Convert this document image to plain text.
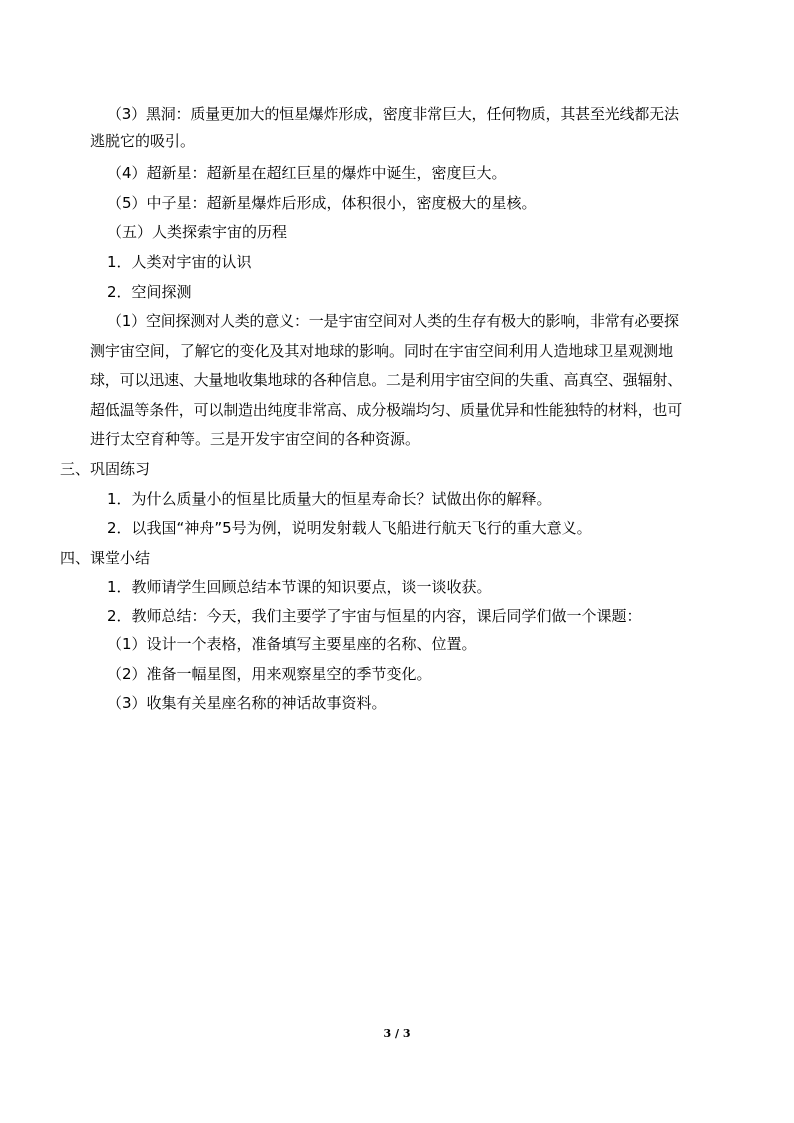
（3）黑洞：质量更加大的恒星爆炸形成，密度非常巨大，任何物质，其甚至光线都无法
逃脱它的吸引。
（4）超新星：超新星在超红巨星的爆炸中诞生，密度巨大。
（5）中子星：超新星爆炸后形成，体积很小，密度极大的星核。
（五）人类探索宇宙的历程
1．人类对宇宙的认识
2．空间探测
（1）空间探测对人类的意义：一是宇宙空间对人类的生存有极大的影响，非常有必要探
测宇宙空间，了解它的变化及其对地球的影响。同时在宇宙空间利用人造地球卫星观测地
球，可以迅速、大量地收集地球的各种信息。二是利用宇宙空间的失重、高真空、强辐射、
超低温等条件，可以制造出纯度非常高、成分极端均匀、质量优异和性能独特的材料，也可
进行太空育种等。三是开发宇宙空间的各种资源。
三、巩固练习
1．为什么质量小的恒星比质量大的恒星寿命长？试做出你的解释。
2．以我国“神舟”5号为例，说明发射载人飞船进行航天飞行的重大意义。
四、课堂小结
1．教师请学生回顾总结本节课的知识要点，谈一谈收获。
2．教师总结：今天，我们主要学了宇宙与恒星的内容，课后同学们做一个课题：
（1）设计一个表格，准备填写主要星座的名称、位置。
（2）准备一幅星图，用来观察星空的季节变化。
（3）收集有关星座名称的神话故事资料。
3 / 3
